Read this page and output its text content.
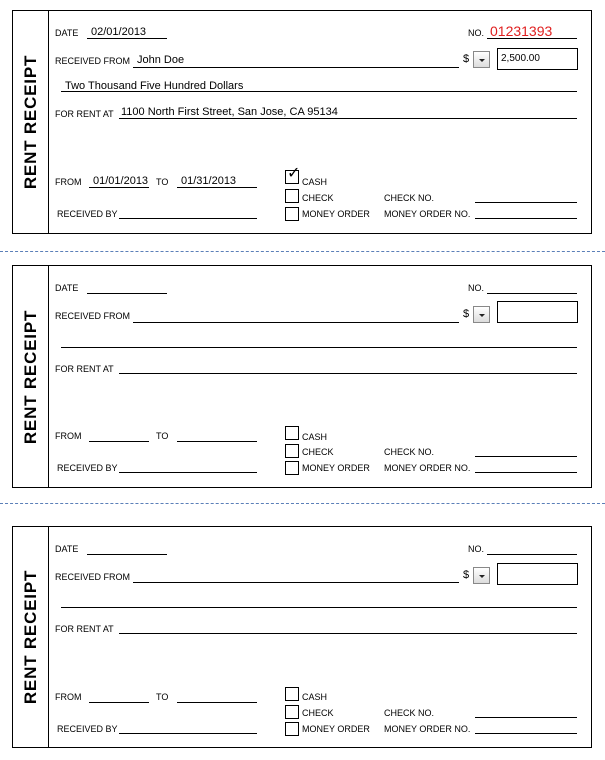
RENT RECEIPT
DATE 02/01/2013	NO. 01231393
RECEIVED FROM John Doe	$	2,500.00
Two Thousand Five Hundred Dollars
FOR RENT AT 1100 North First Street, San Jose, CA 95134
FROM 01/01/2013 TO 01/31/2013
RECEIVED BY
✓ CASH
CHECK
MONEY ORDER
CHECK NO.
MONEY ORDER NO.
RENT RECEIPT
DATE	NO.
RECEIVED FROM	$
FOR RENT AT
FROM	TO
RECEIVED BY
CASH
CHECK
MONEY ORDER
CHECK NO.
MONEY ORDER NO.
RENT RECEIPT
DATE	NO.
RECEIVED FROM	$
FOR RENT AT
FROM	TO
RECEIVED BY
CASH
CHECK
MONEY ORDER
CHECK NO.
MONEY ORDER NO.
